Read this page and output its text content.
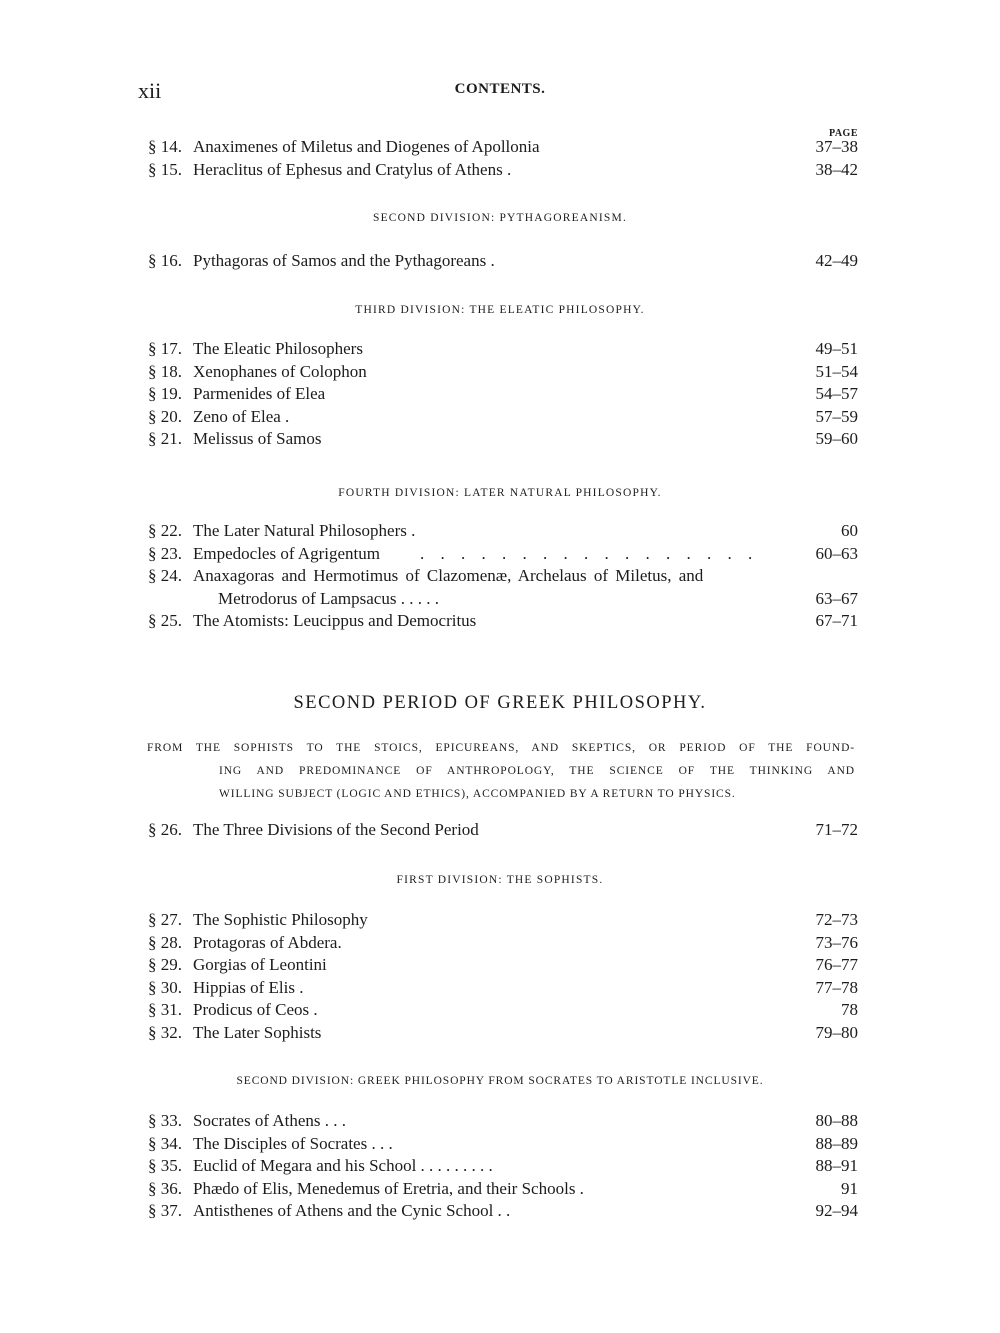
xii	CONTENTS.
PAGE
§ 14. Anaximenes of Miletus and Diogenes of Apollonia	37–38
§ 15. Heraclitus of Ephesus and Cratylus of Athens .	38–42
SECOND DIVISION: PYTHAGOREANISM.
§ 16. Pythagoras of Samos and the Pythagoreans .	42–49
THIRD DIVISION: THE ELEATIC PHILOSOPHY.
§ 17. The Eleatic Philosophers	49–51
§ 18. Xenophanes of Colophon	51–54
§ 19. Parmenides of Elea	54–57
§ 20. Zeno of Elea .	57–59
§ 21. Melissus of Samos	59–60
FOURTH DIVISION: LATER NATURAL PHILOSOPHY.
§ 22. The Later Natural Philosophers .	60
§ 23. Empedocles of Agrigentum . . . . . . . . . . . . . . . . .	60–63
§ 24. Anaxagoras and Hermotimus of Clazomenæ, Archelaus of Miletus, and
Metrodorus of Lampsacus . . . . .	63–67
§ 25. The Atomists: Leucippus and Democritus	67–71
SECOND PERIOD OF GREEK PHILOSOPHY.
FROM THE SOPHISTS TO THE STOICS, EPICUREANS, AND SKEPTICS, OR PERIOD OF THE FOUND-
ING AND PREDOMINANCE OF ANTHROPOLOGY, THE SCIENCE OF THE THINKING AND
WILLING SUBJECT (LOGIC AND ETHICS), ACCOMPANIED BY A RETURN TO PHYSICS.
§ 26. The Three Divisions of the Second Period	71–72
FIRST DIVISION: THE SOPHISTS.
§ 27. The Sophistic Philosophy	72–73
§ 28. Protagoras of Abdera.	73–76
§ 29. Gorgias of Leontini	76–77
§ 30. Hippias of Elis .	77–78
§ 31. Prodicus of Ceos .	78
§ 32. The Later Sophists	79–80
SECOND DIVISION: GREEK PHILOSOPHY FROM SOCRATES TO ARISTOTLE INCLUSIVE.
§ 33. Socrates of Athens . . .	80–88
§ 34. The Disciples of Socrates . . .	88–89
§ 35. Euclid of Megara and his School . . . . . . . . .	88–91
§ 36. Phædo of Elis, Menedemus of Eretria, and their Schools .	91
§ 37. Antisthenes of Athens and the Cynic School . .	92–94
